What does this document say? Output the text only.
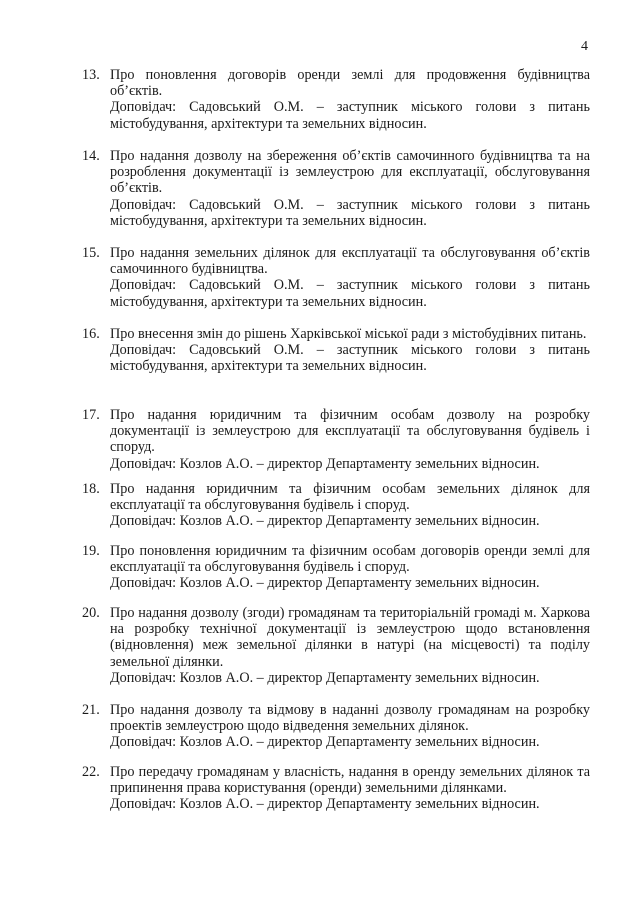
4
13. Про поновлення договорів оренди землі для продовження будівництва об’єктів.
Доповідач: Садовський О.М. – заступник міського голови з питань містобудування, архітектури та земельних відносин.
14. Про надання дозволу на збереження об’єктів самочинного будівництва та на розроблення документації із землеустрою для експлуатації, обслуговування об’єктів.
Доповідач: Садовський О.М. – заступник міського голови з питань містобудування, архітектури та земельних відносин.
15. Про надання земельних ділянок для експлуатації та обслуговування об’єктів самочинного будівництва.
Доповідач: Садовський О.М. – заступник міського голови з питань містобудування, архітектури та земельних відносин.
16. Про внесення змін до рішень Харківської міської ради з містобудівних питань.
Доповідач: Садовський О.М. – заступник міського голови з питань містобудування, архітектури та земельних відносин.
17. Про надання юридичним та фізичним особам дозволу на розробку документації із землеустрою для експлуатації та обслуговування будівель і споруд.
Доповідач: Козлов А.О. – директор Департаменту земельних відносин.
18. Про надання юридичним та фізичним особам земельних ділянок для експлуатації та обслуговування будівель і споруд.
Доповідач: Козлов А.О. – директор Департаменту земельних відносин.
19. Про поновлення юридичним та фізичним особам договорів оренди землі для експлуатації та обслуговування будівель і споруд.
Доповідач: Козлов А.О. – директор Департаменту земельних відносин.
20. Про надання дозволу (згоди) громадянам та територіальній громаді м. Харкова на розробку технічної документації із землеустрою щодо встановлення (відновлення) меж земельної ділянки в натурі (на місцевості) та поділу земельної ділянки.
Доповідач: Козлов А.О. – директор Департаменту земельних відносин.
21. Про надання дозволу та відмову в наданні дозволу громадянам на розробку проектів землеустрою щодо відведення земельних ділянок.
Доповідач: Козлов А.О. – директор Департаменту земельних відносин.
22. Про передачу громадянам у власність, надання в оренду земельних ділянок та припинення права користування (оренди) земельними ділянками.
Доповідач: Козлов А.О. – директор Департаменту земельних відносин.
